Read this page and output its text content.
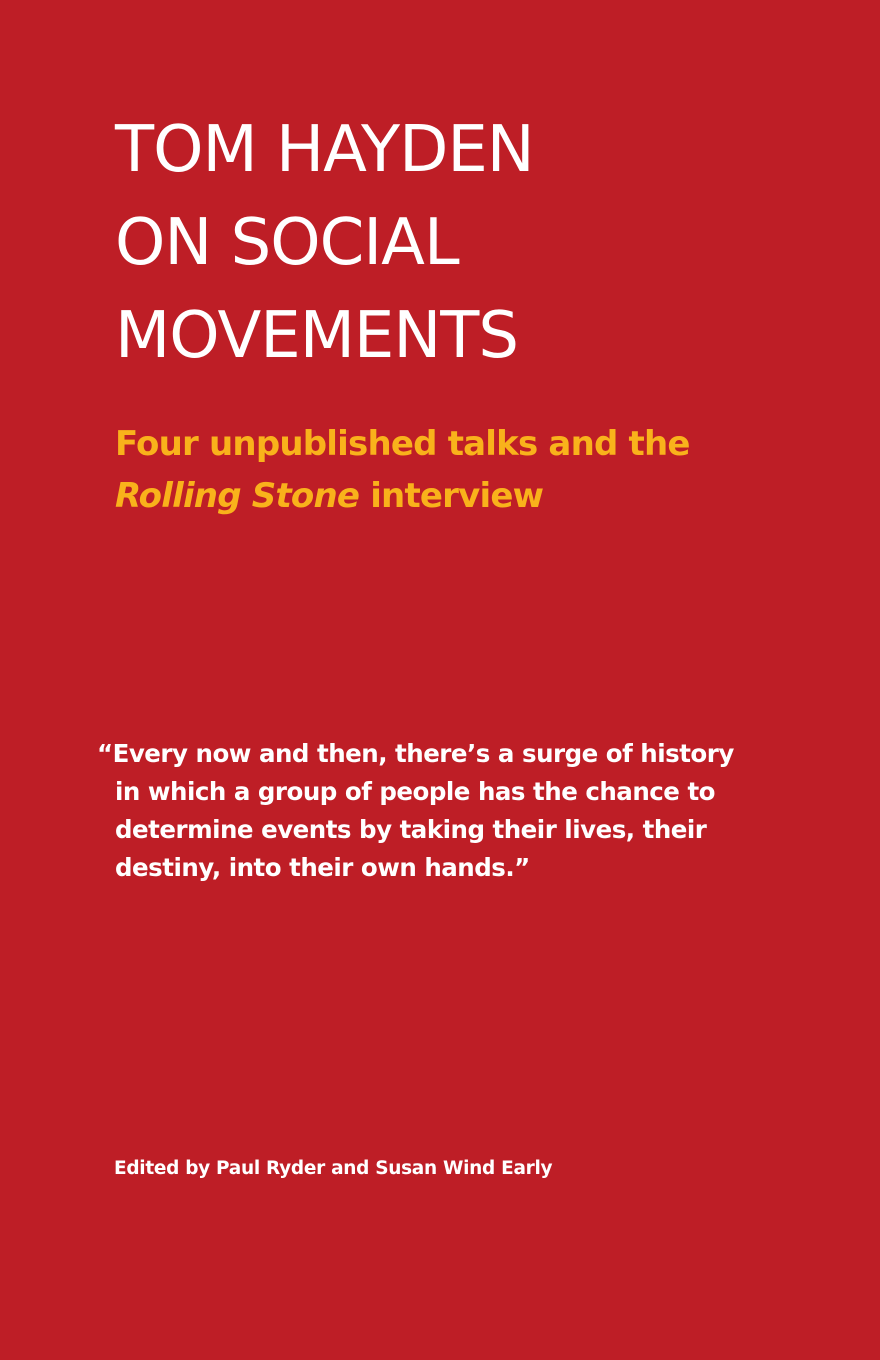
TOM HAYDEN
ON SOCIAL
MOVEMENTS
Four unpublished talks and the
Rolling Stone interview
“Every now and then, there’s a surge of history
in which a group of people has the chance to
determine events by taking their lives, their
destiny, into their own hands.”
Edited by Paul Ryder and Susan Wind Early
